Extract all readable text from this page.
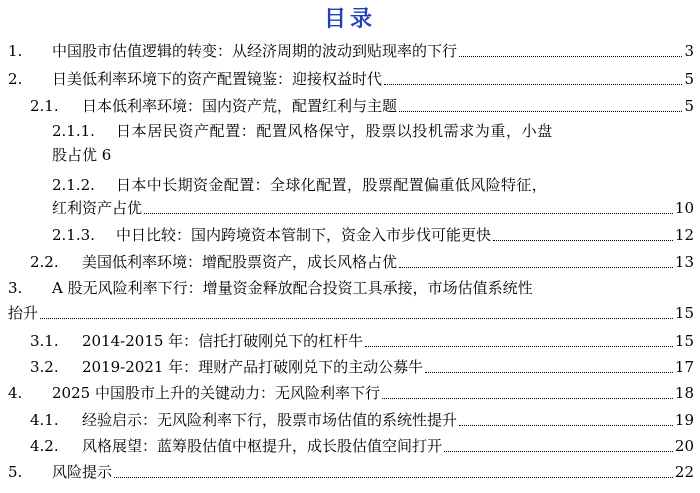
目录
1.	中国股市估值逻辑的转变：从经济周期的波动到贴现率的下行	3
2.	日美低利率环境下的资产配置镜鉴：迎接权益时代	5
2.1.	日本低利率环境：国内资产荒，配置红利与主题	5
2.1.1.	日本居民资产配置：配置风格保守，股票以投机需求为重，小盘
股占优 6
2.1.2.	日本中长期资金配置：全球化配置，股票配置偏重低风险特征，
红利资产占优	10
2.1.3.	中日比较：国内跨境资本管制下，资金入市步伐可能更快	12
2.2.	美国低利率环境：增配股票资产，成长风格占优	13
3.	A 股无风险利率下行：增量资金释放配合投资工具承接，市场估值系统性
抬升	15
3.1.	2014-2015 年：信托打破刚兑下的杠杆牛	15
3.2.	2019-2021 年：理财产品打破刚兑下的主动公募牛	17
4.	2025 中国股市上升的关键动力：无风险利率下行	18
4.1.	经验启示：无风险利率下行，股票市场估值的系统性提升	19
4.2.	风格展望：蓝筹股估值中枢提升，成长股估值空间打开	20
5.	风险提示	22
